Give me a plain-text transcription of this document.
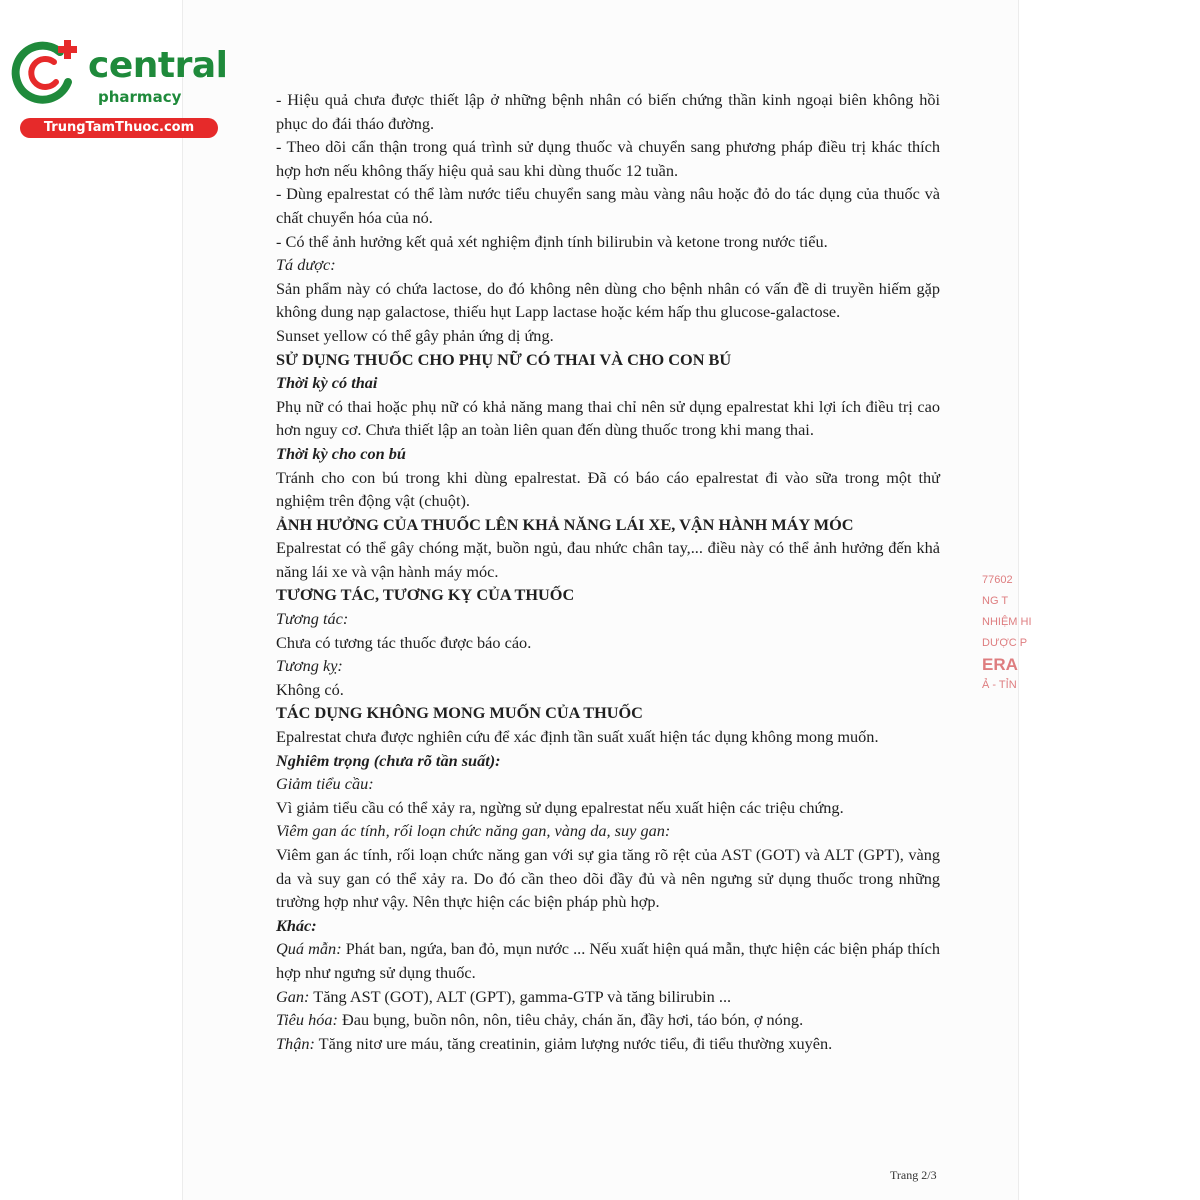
central
pharmacy
TrungTamThuoc.com

- Hiệu quả chưa được thiết lập ở những bệnh nhân có biến chứng thần kinh ngoại biên không hồi phục do đái tháo đường.

- Theo dõi cẩn thận trong quá trình sử dụng thuốc và chuyển sang phương pháp điều trị khác thích hợp hơn nếu không thấy hiệu quả sau khi dùng thuốc 12 tuần.

- Dùng epalrestat có thể làm nước tiểu chuyển sang màu vàng nâu hoặc đỏ do tác dụng của thuốc và chất chuyển hóa của nó.

- Có thể ảnh hưởng kết quả xét nghiệm định tính bilirubin và ketone trong nước tiểu.

Tá dược:

Sản phẩm này có chứa lactose, do đó không nên dùng cho bệnh nhân có vấn đề di truyền hiếm gặp không dung nạp galactose, thiếu hụt Lapp lactase hoặc kém hấp thu glucose-galactose.

Sunset yellow có thể gây phản ứng dị ứng.

SỬ DỤNG THUỐC CHO PHỤ NỮ CÓ THAI VÀ CHO CON BÚ

Thời kỳ có thai

Phụ nữ có thai hoặc phụ nữ có khả năng mang thai chỉ nên sử dụng epalrestat khi lợi ích điều trị cao hơn nguy cơ. Chưa thiết lập an toàn liên quan đến dùng thuốc trong khi mang thai.

Thời kỳ cho con bú

Tránh cho con bú trong khi dùng epalrestat. Đã có báo cáo epalrestat đi vào sữa trong một thử nghiệm trên động vật (chuột).

ẢNH HƯỞNG CỦA THUỐC LÊN KHẢ NĂNG LÁI XE, VẬN HÀNH MÁY MÓC

Epalrestat có thể gây chóng mặt, buồn ngủ, đau nhức chân tay,... điều này có thể ảnh hưởng đến khả năng lái xe và vận hành máy móc.

TƯƠNG TÁC, TƯƠNG KỴ CỦA THUỐC

Tương tác:

Chưa có tương tác thuốc được báo cáo.

Tương kỵ:

Không có.

TÁC DỤNG KHÔNG MONG MUỐN CỦA THUỐC

Epalrestat chưa được nghiên cứu để xác định tần suất xuất hiện tác dụng không mong muốn.

Nghiêm trọng (chưa rõ tần suất):

Giảm tiểu cầu:

Vì giảm tiểu cầu có thể xảy ra, ngừng sử dụng epalrestat nếu xuất hiện các triệu chứng.

Viêm gan ác tính, rối loạn chức năng gan, vàng da, suy gan:

Viêm gan ác tính, rối loạn chức năng gan với sự gia tăng rõ rệt của AST (GOT) và ALT (GPT), vàng da và suy gan có thể xảy ra. Do đó cần theo dõi đầy đủ và nên ngưng sử dụng thuốc trong những trường hợp như vậy. Nên thực hiện các biện pháp phù hợp.

Khác:

Quá mẫn: Phát ban, ngứa, ban đỏ, mụn nước ... Nếu xuất hiện quá mẫn, thực hiện các biện pháp thích hợp như ngưng sử dụng thuốc.

Gan: Tăng AST (GOT), ALT (GPT), gamma-GTP và tăng bilirubin ...

Tiêu hóa: Đau bụng, buồn nôn, nôn, tiêu chảy, chán ăn, đầy hơi, táo bón, ợ nóng.

Thận: Tăng nitơ ure máu, tăng creatinin, giảm lượng nước tiểu, đi tiểu thường xuyên.

77602
NG T
NHIỆM HI
DƯỢC P
ERA
Ả - TỈN
Trang 2/3
